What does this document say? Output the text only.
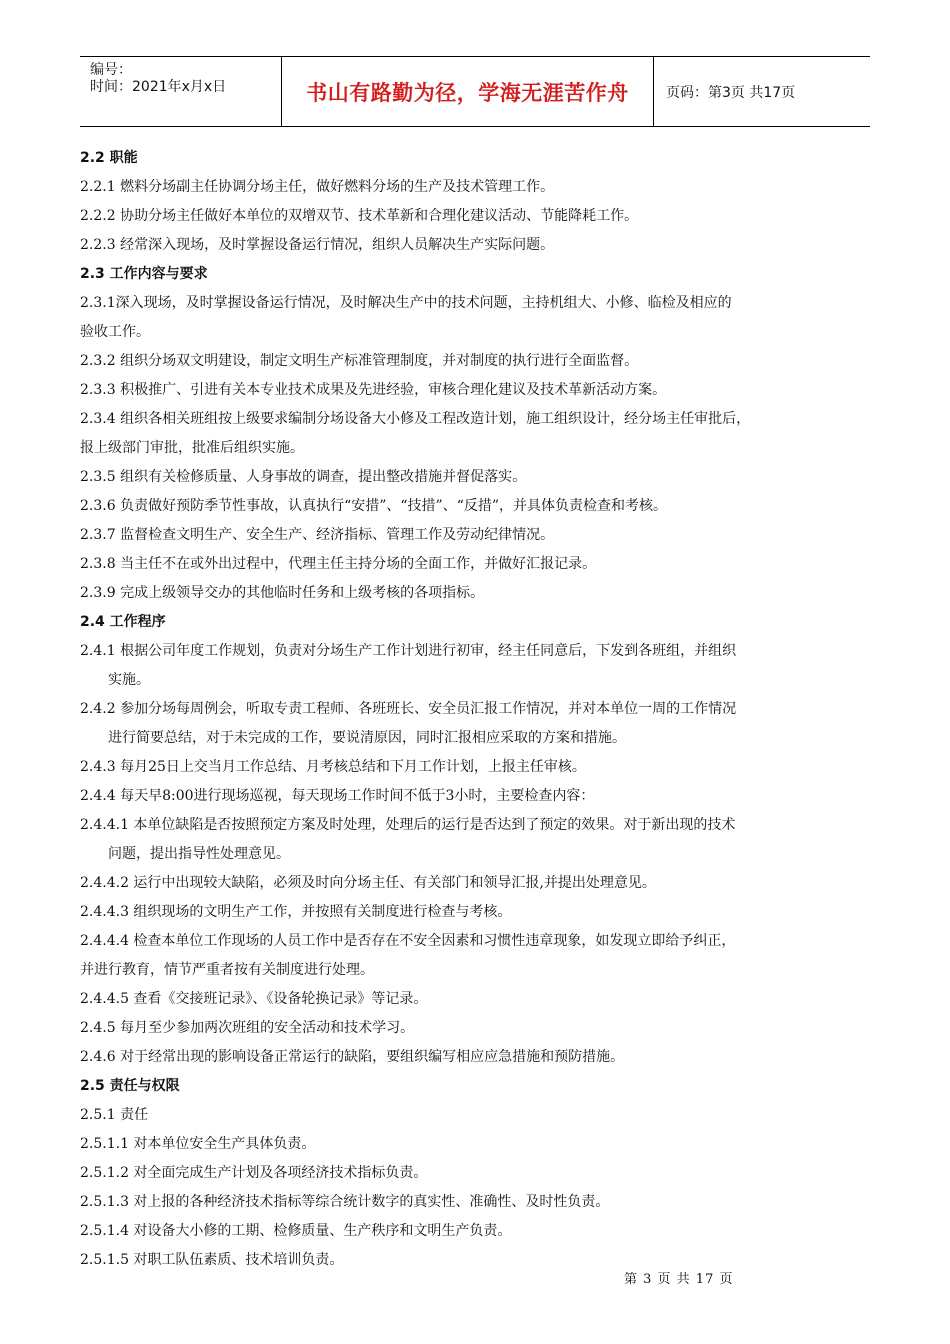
编号：
时间：2021年x月x日	书山有路勤为径，学海无涯苦作舟	页码：第3页 共17页
2.2 职能
2.2.1 燃料分场副主任协调分场主任，做好燃料分场的生产及技术管理工作。
2.2.2 协助分场主任做好本单位的双增双节、技术革新和合理化建议活动、节能降耗工作。
2.2.3 经常深入现场，及时掌握设备运行情况，组织人员解决生产实际问题。
2.3 工作内容与要求
2.3.1深入现场，及时掌握设备运行情况，及时解决生产中的技术问题，主持机组大、小修、临检及相应的
验收工作。
2.3.2 组织分场双文明建设，制定文明生产标准管理制度，并对制度的执行进行全面监督。
2.3.3 积极推广、引进有关本专业技术成果及先进经验，审核合理化建议及技术革新活动方案。
2.3.4 组织各相关班组按上级要求编制分场设备大小修及工程改造计划，施工组织设计，经分场主任审批后，
报上级部门审批，批准后组织实施。
2.3.5 组织有关检修质量、人身事故的调查，提出整改措施并督促落实。
2.3.6 负责做好预防季节性事故，认真执行“安措”、“技措”、“反措”，并具体负责检查和考核。
2.3.7 监督检查文明生产、安全生产、经济指标、管理工作及劳动纪律情况。
2.3.8 当主任不在或外出过程中，代理主任主持分场的全面工作，并做好汇报记录。
2.3.9 完成上级领导交办的其他临时任务和上级考核的各项指标。
2.4 工作程序
2.4.1 根据公司年度工作规划，负责对分场生产工作计划进行初审，经主任同意后，下发到各班组，并组织
实施。
2.4.2 参加分场每周例会，听取专责工程师、各班班长、安全员汇报工作情况，并对本单位一周的工作情况
进行简要总结，对于未完成的工作，要说清原因，同时汇报相应采取的方案和措施。
2.4.3 每月25日上交当月工作总结、月考核总结和下月工作计划，上报主任审核。
2.4.4 每天早8:00进行现场巡视，每天现场工作时间不低于3小时，主要检查内容：
2.4.4.1 本单位缺陷是否按照预定方案及时处理，处理后的运行是否达到了预定的效果。对于新出现的技术
问题，提出指导性处理意见。
2.4.4.2 运行中出现较大缺陷，必须及时向分场主任、有关部门和领导汇报,并提出处理意见。
2.4.4.3 组织现场的文明生产工作，并按照有关制度进行检查与考核。
2.4.4.4 检查本单位工作现场的人员工作中是否存在不安全因素和习惯性违章现象，如发现立即给予纠正，
并进行教育，情节严重者按有关制度进行处理。
2.4.4.5 查看《交接班记录》、《设备轮换记录》等记录。
2.4.5 每月至少参加两次班组的安全活动和技术学习。
2.4.6 对于经常出现的影响设备正常运行的缺陷，要组织编写相应应急措施和预防措施。
2.5 责任与权限
2.5.1 责任
2.5.1.1 对本单位安全生产具体负责。
2.5.1.2 对全面完成生产计划及各项经济技术指标负责。
2.5.1.3 对上报的各种经济技术指标等综合统计数字的真实性、准确性、及时性负责。
2.5.1.4 对设备大小修的工期、检修质量、生产秩序和文明生产负责。
2.5.1.5 对职工队伍素质、技术培训负责。
第 3 页 共 17 页
